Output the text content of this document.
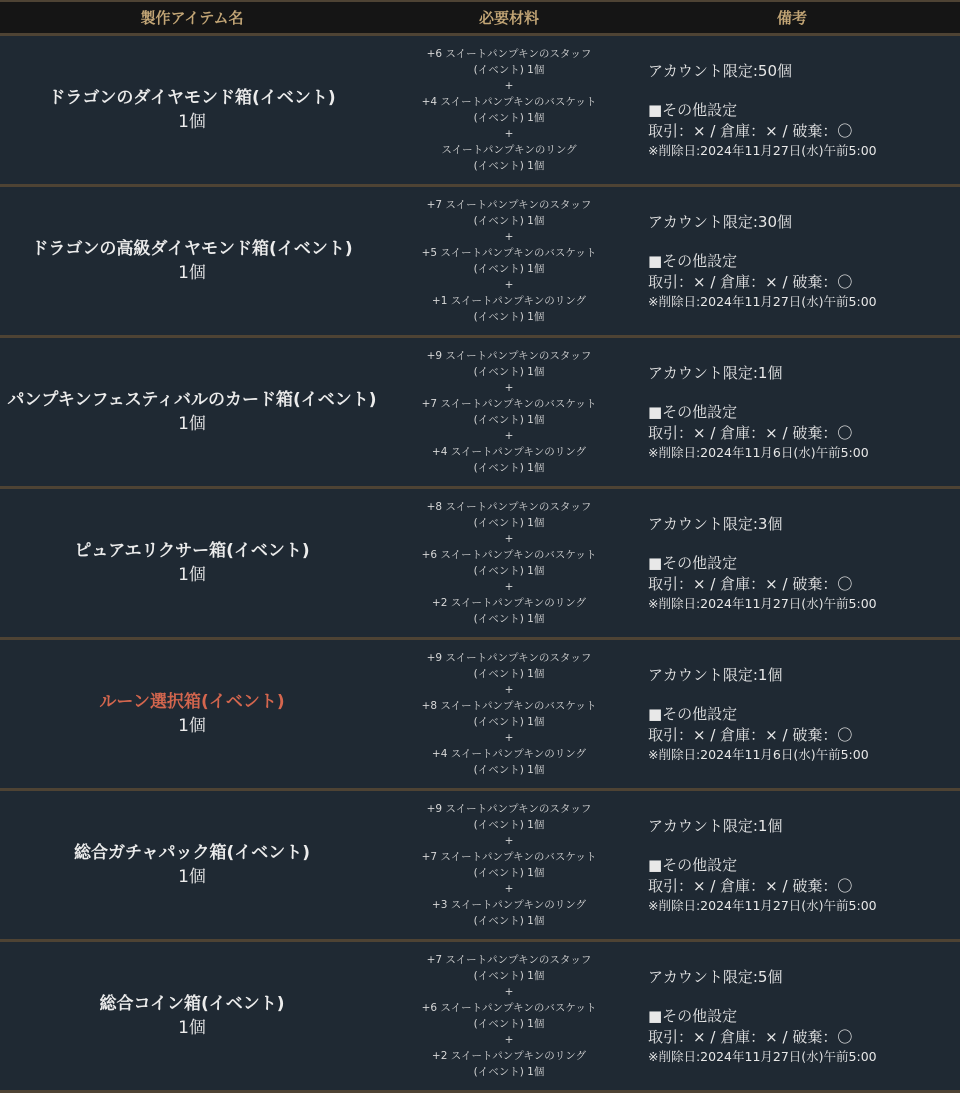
製作アイテム名	必要材料	備考
ドラゴンのダイヤモンド箱(イベント)
1個
+6 スイートパンプキンのスタッフ
(イベント) 1個
+
+4 スイートパンプキンのバスケット
(イベント) 1個
+
スイートパンプキンのリング
(イベント) 1個
アカウント限定:50個
■その他設定
取引：× / 倉庫：× / 破棄：〇
※削除日:2024年11月27日(水)午前5:00
ドラゴンの高級ダイヤモンド箱(イベント)
1個
+7 スイートパンプキンのスタッフ
(イベント) 1個
+
+5 スイートパンプキンのバスケット
(イベント) 1個
+
+1 スイートパンプキンのリング
(イベント) 1個
アカウント限定:30個
■その他設定
取引：× / 倉庫：× / 破棄：〇
※削除日:2024年11月27日(水)午前5:00
パンプキンフェスティバルのカード箱(イベント)
1個
+9 スイートパンプキンのスタッフ
(イベント) 1個
+
+7 スイートパンプキンのバスケット
(イベント) 1個
+
+4 スイートパンプキンのリング
(イベント) 1個
アカウント限定:1個
■その他設定
取引：× / 倉庫：× / 破棄：〇
※削除日:2024年11月6日(水)午前5:00
ピュアエリクサー箱(イベント)
1個
+8 スイートパンプキンのスタッフ
(イベント) 1個
+
+6 スイートパンプキンのバスケット
(イベント) 1個
+
+2 スイートパンプキンのリング
(イベント) 1個
アカウント限定:3個
■その他設定
取引：× / 倉庫：× / 破棄：〇
※削除日:2024年11月27日(水)午前5:00
ルーン選択箱(イベント)
1個
+9 スイートパンプキンのスタッフ
(イベント) 1個
+
+8 スイートパンプキンのバスケット
(イベント) 1個
+
+4 スイートパンプキンのリング
(イベント) 1個
アカウント限定:1個
■その他設定
取引：× / 倉庫：× / 破棄：〇
※削除日:2024年11月6日(水)午前5:00
総合ガチャパック箱(イベント)
1個
+9 スイートパンプキンのスタッフ
(イベント) 1個
+
+7 スイートパンプキンのバスケット
(イベント) 1個
+
+3 スイートパンプキンのリング
(イベント) 1個
アカウント限定:1個
■その他設定
取引：× / 倉庫：× / 破棄：〇
※削除日:2024年11月27日(水)午前5:00
総合コイン箱(イベント)
1個
+7 スイートパンプキンのスタッフ
(イベント) 1個
+
+6 スイートパンプキンのバスケット
(イベント) 1個
+
+2 スイートパンプキンのリング
(イベント) 1個
アカウント限定:5個
■その他設定
取引：× / 倉庫：× / 破棄：〇
※削除日:2024年11月27日(水)午前5:00
